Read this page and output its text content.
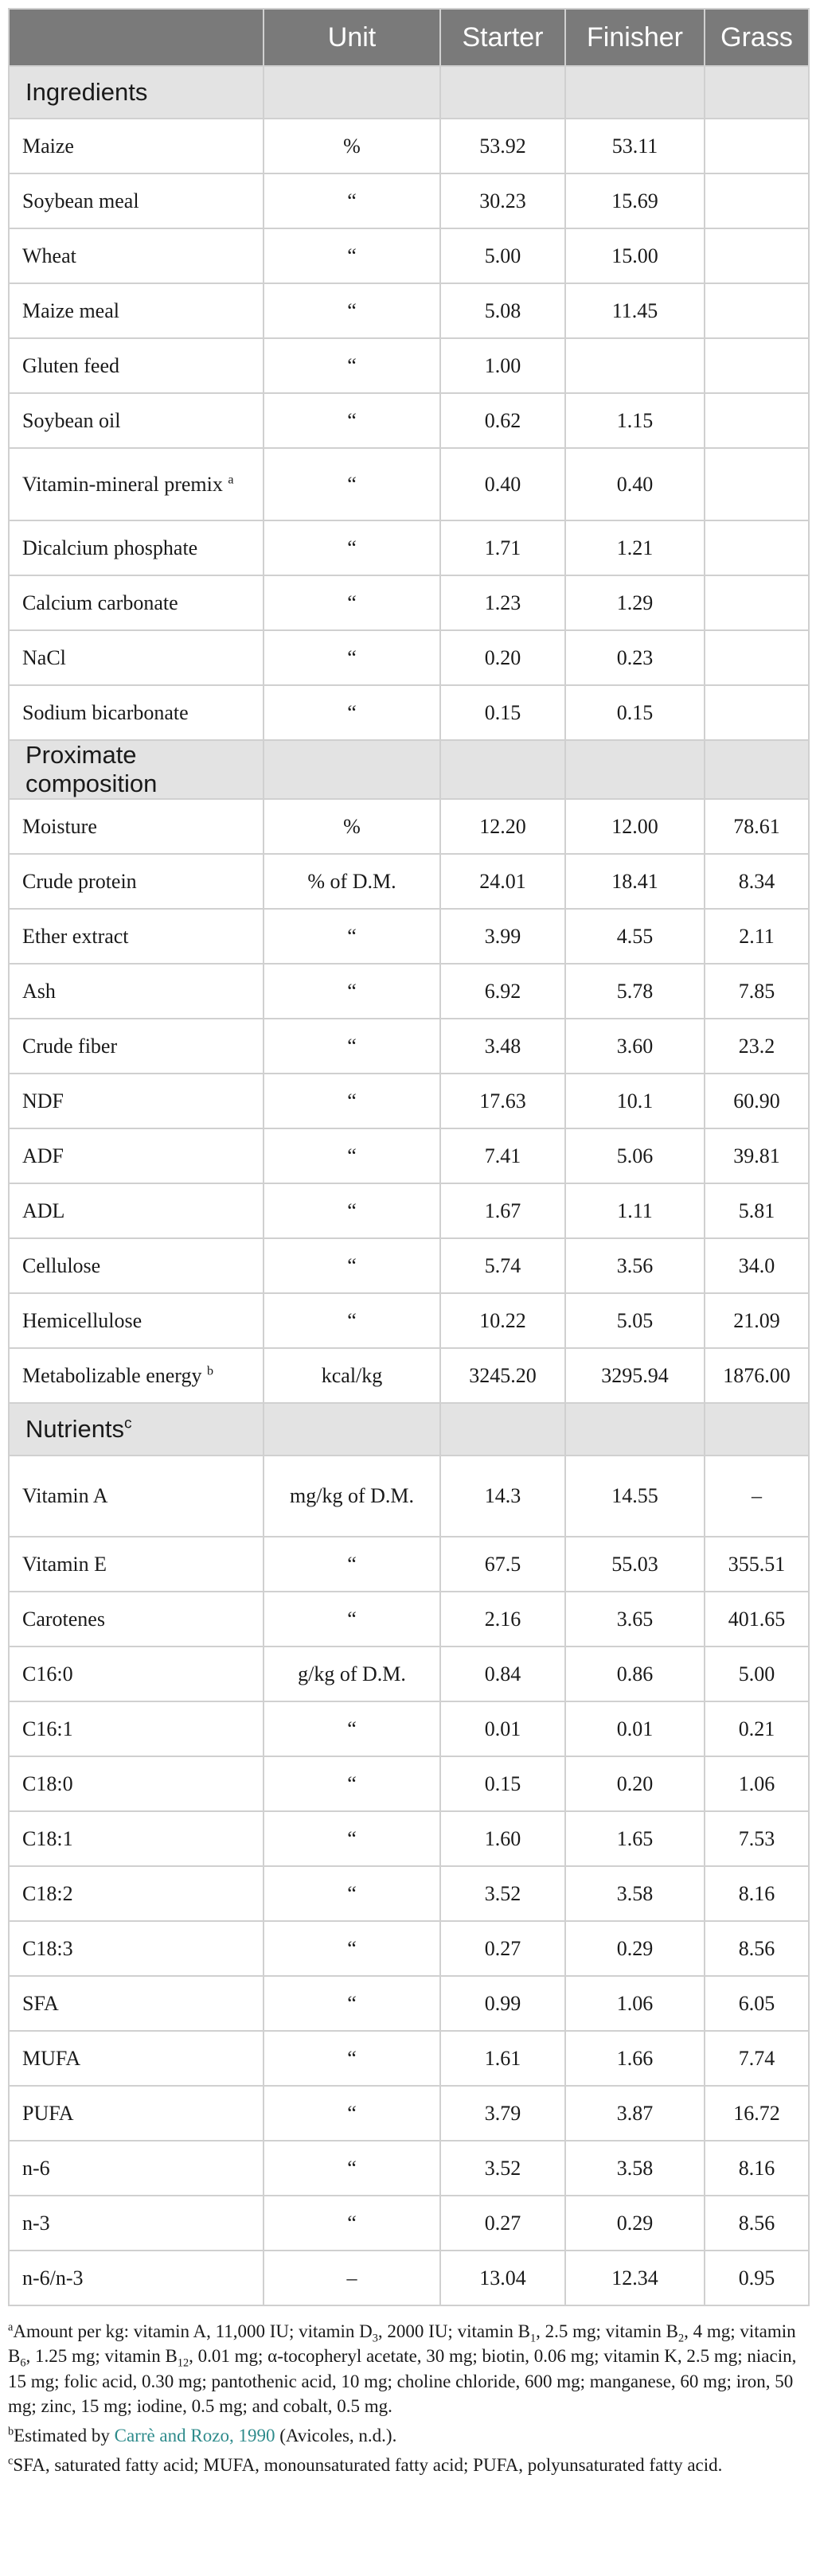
	Unit	Starter	Finisher	Grass
Ingredients				
Maize	%	53.92	53.11	
Soybean meal	“	30.23	15.69	
Wheat	“	5.00	15.00	
Maize meal	“	5.08	11.45	
Gluten feed	“	1.00		
Soybean oil	“	0.62	1.15	
Vitamin-mineral premix $^a$	“	0.40	0.40	
Dicalcium phosphate	“	1.71	1.21	
Calcium carbonate	“	1.23	1.29	
NaCl	“	0.20	0.23	
Sodium bicarbonate	“	0.15	0.15	
Proximate composition				
Moisture	%	12.20	12.00	78.61
Crude protein	% of D.M.	24.01	18.41	8.34
Ether extract	“	3.99	4.55	2.11
Ash	“	6.92	5.78	7.85
Crude fiber	“	3.48	3.60	23.2
NDF	“	17.63	10.1	60.90
ADF	“	7.41	5.06	39.81
ADL	“	1.67	1.11	5.81
Cellulose	“	5.74	3.56	34.0
Hemicellulose	“	10.22	5.05	21.09
Metabolizable energy $^b$	kcal/kg	3245.20	3295.94	1876.00
Nutrients$^c$				
Vitamin A	mg/kg of D.M.	14.3	14.55	–
Vitamin E	“	67.5	55.03	355.51
Carotenes	“	2.16	3.65	401.65
C16:0	g/kg of D.M.	0.84	0.86	5.00
C16:1	“	0.01	0.01	0.21
C18:0	“	0.15	0.20	1.06
C18:1	“	1.60	1.65	7.53
C18:2	“	3.52	3.58	8.16
C18:3	“	0.27	0.29	8.56
SFA	“	0.99	1.06	6.05
MUFA	“	1.61	1.66	7.74
PUFA	“	3.79	3.87	16.72
n-6	“	3.52	3.58	8.16
n-3	“	0.27	0.29	8.56
n-6/n-3	–	13.04	12.34	0.95

$^a$Amount per kg: vitamin A, 11,000 IU; vitamin $D_3$, 2000 IU; vitamin $B_1$, 2.5 mg; vitamin $B_2$, 4 mg; vitamin $B_6$, 1.25 mg; vitamin $B_{12}$, 0.01 mg; α-tocopheryl acetate, 30 mg; biotin, 0.06 mg; vitamin K, 2.5 mg; niacin, 15 mg; folic acid, 0.30 mg; pantothenic acid, 10 mg; choline chloride, 600 mg; manganese, 60 mg; iron, 50 mg; zinc, 15 mg; iodine, 0.5 mg; and cobalt, 0.5 mg.

$^b$Estimated by Carrè and Rozo, 1990 (Avicoles, n.d.).

$^c$SFA, saturated fatty acid; MUFA, monounsaturated fatty acid; PUFA, polyunsaturated fatty acid.
